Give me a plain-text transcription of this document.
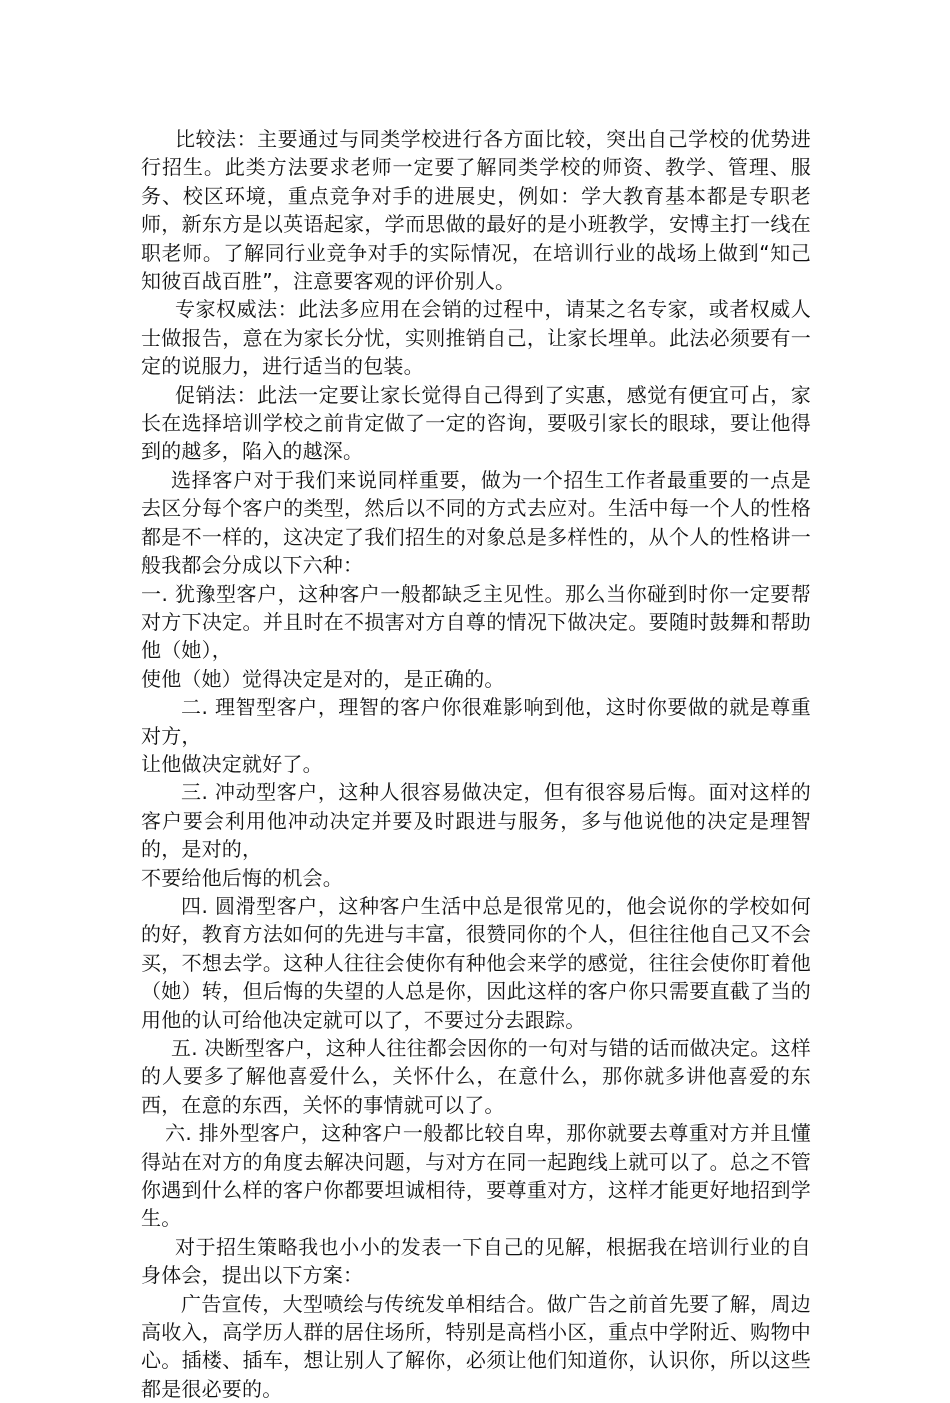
比较法：主要通过与同类学校进行各方面比较，突出自己学校的优势进行招生。此类方法要求老师一定要了解同类学校的师资、教学、管理、服务、校区环境，重点竞争对手的进展史，例如：学大教育基本都是专职老师，新东方是以英语起家，学而思做的最好的是小班教学，安博主打一线在职老师。了解同行业竞争对手的实际情况，在培训行业的战场上做到“知己知彼百战百胜”，注意要客观的评价别人。

专家权威法：此法多应用在会销的过程中，请某之名专家，或者权威人士做报告，意在为家长分忧，实则推销自己，让家长埋单。此法必须要有一定的说服力，进行适当的包装。

促销法：此法一定要让家长觉得自己得到了实惠，感觉有便宜可占，家长在选择培训学校之前肯定做了一定的咨询，要吸引家长的眼球，要让他得到的越多，陷入的越深。

选择客户对于我们来说同样重要，做为一个招生工作者最重要的一点是去区分每个客户的类型，然后以不同的方式去应对。生活中每一个人的性格都是不一样的，这决定了我们招生的对象总是多样性的，从个人的性格讲一般我都会分成以下六种：

一. 犹豫型客户，这种客户一般都缺乏主见性。那么当你碰到时你一定要帮对方下决定。并且时在不损害对方自尊的情况下做决定。要随时鼓舞和帮助他（她），

使他（她）觉得决定是对的，是正确的。

二. 理智型客户，理智的客户你很难影响到他，这时你要做的就是尊重对方，

让他做决定就好了。

三. 冲动型客户，这种人很容易做决定，但有很容易后悔。面对这样的客户要会利用他冲动决定并要及时跟进与服务，多与他说他的决定是理智的，是对的，

不要给他后悔的机会。

四. 圆滑型客户，这种客户生活中总是很常见的，他会说你的学校如何的好，教育方法如何的先进与丰富，很赞同你的个人，但往往他自己又不会买，不想去学。这种人往往会使你有种他会来学的感觉，往往会使你盯着他（她）转，但后悔的失望的人总是你，因此这样的客户你只需要直截了当的用他的认可给他决定就可以了，不要过分去跟踪。

五. 决断型客户，这种人往往都会因你的一句对与错的话而做决定。这样的人要多了解他喜爱什么，关怀什么，在意什么，那你就多讲他喜爱的东西，在意的东西，关怀的事情就可以了。

六. 排外型客户，这种客户一般都比较自卑，那你就要去尊重对方并且懂得站在对方的角度去解决问题，与对方在同一起跑线上就可以了。总之不管你遇到什么样的客户你都要坦诚相待，要尊重对方，这样才能更好地招到学生。

对于招生策略我也小小的发表一下自己的见解，根据我在培训行业的自身体会，提出以下方案：

广告宣传，大型喷绘与传统发单相结合。做广告之前首先要了解，周边高收入，高学历人群的居住场所，特别是高档小区，重点中学附近、购物中心。插楼、插车，想让别人了解你，必须让他们知道你，认识你，所以这些都是很必要的。
